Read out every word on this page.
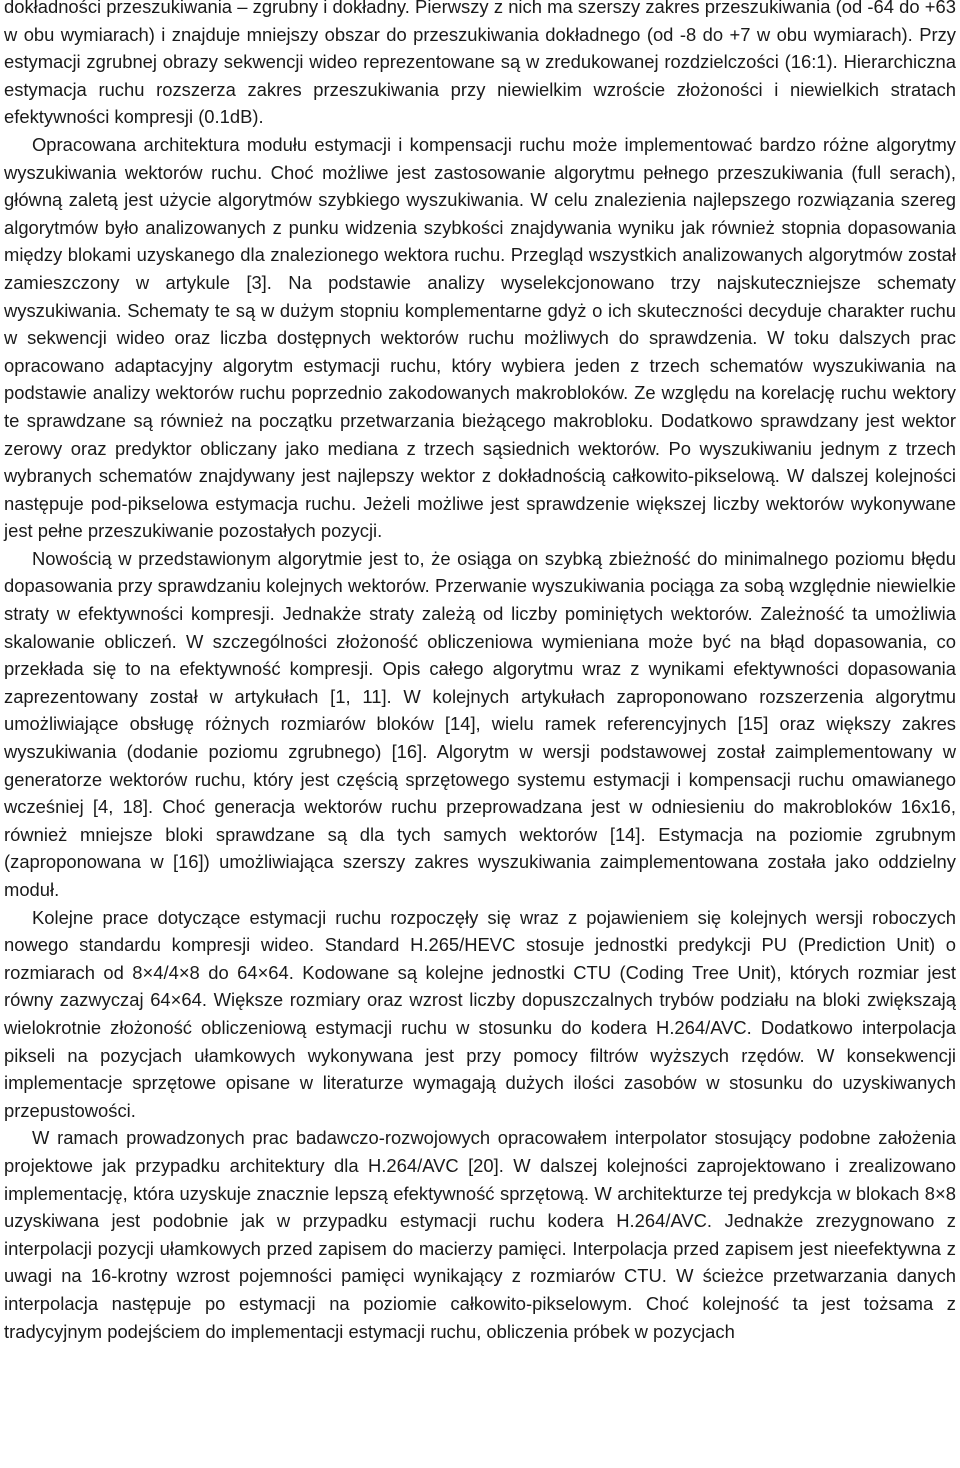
dokładności przeszukiwania – zgrubny i dokładny. Pierwszy z nich ma szerszy zakres przeszukiwania (od -64 do +63 w obu wymiarach) i znajduje mniejszy obszar do przeszukiwania dokładnego (od -8 do +7 w obu wymiarach). Przy estymacji zgrubnej obrazy sekwencji wideo reprezentowane są w zredukowanej rozdzielczości (16:1). Hierarchiczna estymacja ruchu rozszerza zakres przeszukiwania przy niewielkim wzroście złożoności i niewielkich stratach efektywności kompresji (0.1dB).

Opracowana architektura modułu estymacji i kompensacji ruchu może implementować bardzo różne algorytmy wyszukiwania wektorów ruchu. Choć możliwe jest zastosowanie algorytmu pełnego przeszukiwania (full serach), główną zaletą jest użycie algorytmów szybkiego wyszukiwania. W celu znalezienia najlepszego rozwiązania szereg algorytmów było analizowanych z punku widzenia szybkości znajdywania wyniku jak również stopnia dopasowania między blokami uzyskanego dla znalezionego wektora ruchu. Przegląd wszystkich analizowanych algorytmów został zamieszczony w artykule [3]. Na podstawie analizy wyselekcjonowano trzy najskuteczniejsze schematy wyszukiwania. Schematy te są w dużym stopniu komplementarne gdyż o ich skuteczności decyduje charakter ruchu w sekwencji wideo oraz liczba dostępnych wektorów ruchu możliwych do sprawdzenia. W toku dalszych prac opracowano adaptacyjny algorytm estymacji ruchu, który wybiera jeden z trzech schematów wyszukiwania na podstawie analizy wektorów ruchu poprzednio zakodowanych makrobloków. Ze względu na korelację ruchu wektory te sprawdzane są również na początku przetwarzania bieżącego makrobloku. Dodatkowo sprawdzany jest wektor zerowy oraz predyktor obliczany jako mediana z trzech sąsiednich wektorów. Po wyszukiwaniu jednym z trzech wybranych schematów znajdywany jest najlepszy wektor z dokładnością całkowito-pikselową. W dalszej kolejności następuje pod-pikselowa estymacja ruchu. Jeżeli możliwe jest sprawdzenie większej liczby wektorów wykonywane jest pełne przeszukiwanie pozostałych pozycji.

Nowością w przedstawionym algorytmie jest to, że osiąga on szybką zbieżność do minimalnego poziomu błędu dopasowania przy sprawdzaniu kolejnych wektorów. Przerwanie wyszukiwania pociąga za sobą względnie niewielkie straty w efektywności kompresji. Jednakże straty zależą od liczby pominiętych wektorów. Zależność ta umożliwia skalowanie obliczeń. W szczególności złożoność obliczeniowa wymieniana może być na błąd dopasowania, co przekłada się to na efektywność kompresji. Opis całego algorytmu wraz z wynikami efektywności dopasowania zaprezentowany został w artykułach [1, 11]. W kolejnych artykułach zaproponowano rozszerzenia algorytmu umożliwiające obsługę różnych rozmiarów bloków [14], wielu ramek referencyjnych [15] oraz większy zakres wyszukiwania (dodanie poziomu zgrubnego) [16]. Algorytm w wersji podstawowej został zaimplementowany w generatorze wektorów ruchu, który jest częścią sprzętowego systemu estymacji i kompensacji ruchu omawianego wcześniej [4, 18]. Choć generacja wektorów ruchu przeprowadzana jest w odniesieniu do makrobloków 16x16, również mniejsze bloki sprawdzane są dla tych samych wektorów [14]. Estymacja na poziomie zgrubnym (zaproponowana w [16]) umożliwiająca szerszy zakres wyszukiwania zaimplementowana została jako oddzielny moduł.

Kolejne prace dotyczące estymacji ruchu rozpoczęły się wraz z pojawieniem się kolejnych wersji roboczych nowego standardu kompresji wideo. Standard H.265/HEVC stosuje jednostki predykcji PU (Prediction Unit) o rozmiarach od 8×4/4×8 do 64×64. Kodowane są kolejne jednostki CTU (Coding Tree Unit), których rozmiar jest równy zazwyczaj 64×64. Większe rozmiary oraz wzrost liczby dopuszczalnych trybów podziału na bloki zwiększają wielokrotnie złożoność obliczeniową estymacji ruchu w stosunku do kodera H.264/AVC. Dodatkowo interpolacja pikseli na pozycjach ułamkowych wykonywana jest przy pomocy filtrów wyższych rzędów. W konsekwencji implementacje sprzętowe opisane w literaturze wymagają dużych ilości zasobów w stosunku do uzyskiwanych przepustowości.

W ramach prowadzonych prac badawczo-rozwojowych opracowałem interpolator stosujący podobne założenia projektowe jak przypadku architektury dla H.264/AVC [20]. W dalszej kolejności zaprojektowano i zrealizowano implementację, która uzyskuje znacznie lepszą efektywność sprzętową. W architekturze tej predykcja w blokach 8×8 uzyskiwana jest podobnie jak w przypadku estymacji ruchu kodera H.264/AVC. Jednakże zrezygnowano z interpolacji pozycji ułamkowych przed zapisem do macierzy pamięci. Interpolacja przed zapisem jest nieefektywna z uwagi na 16-krotny wzrost pojemności pamięci wynikający z rozmiarów CTU. W ścieżce przetwarzania danych interpolacja następuje po estymacji na poziomie całkowito-pikselowym. Choć kolejność ta jest tożsama z tradycyjnym podejściem do implementacji estymacji ruchu, obliczenia próbek w pozycjach
